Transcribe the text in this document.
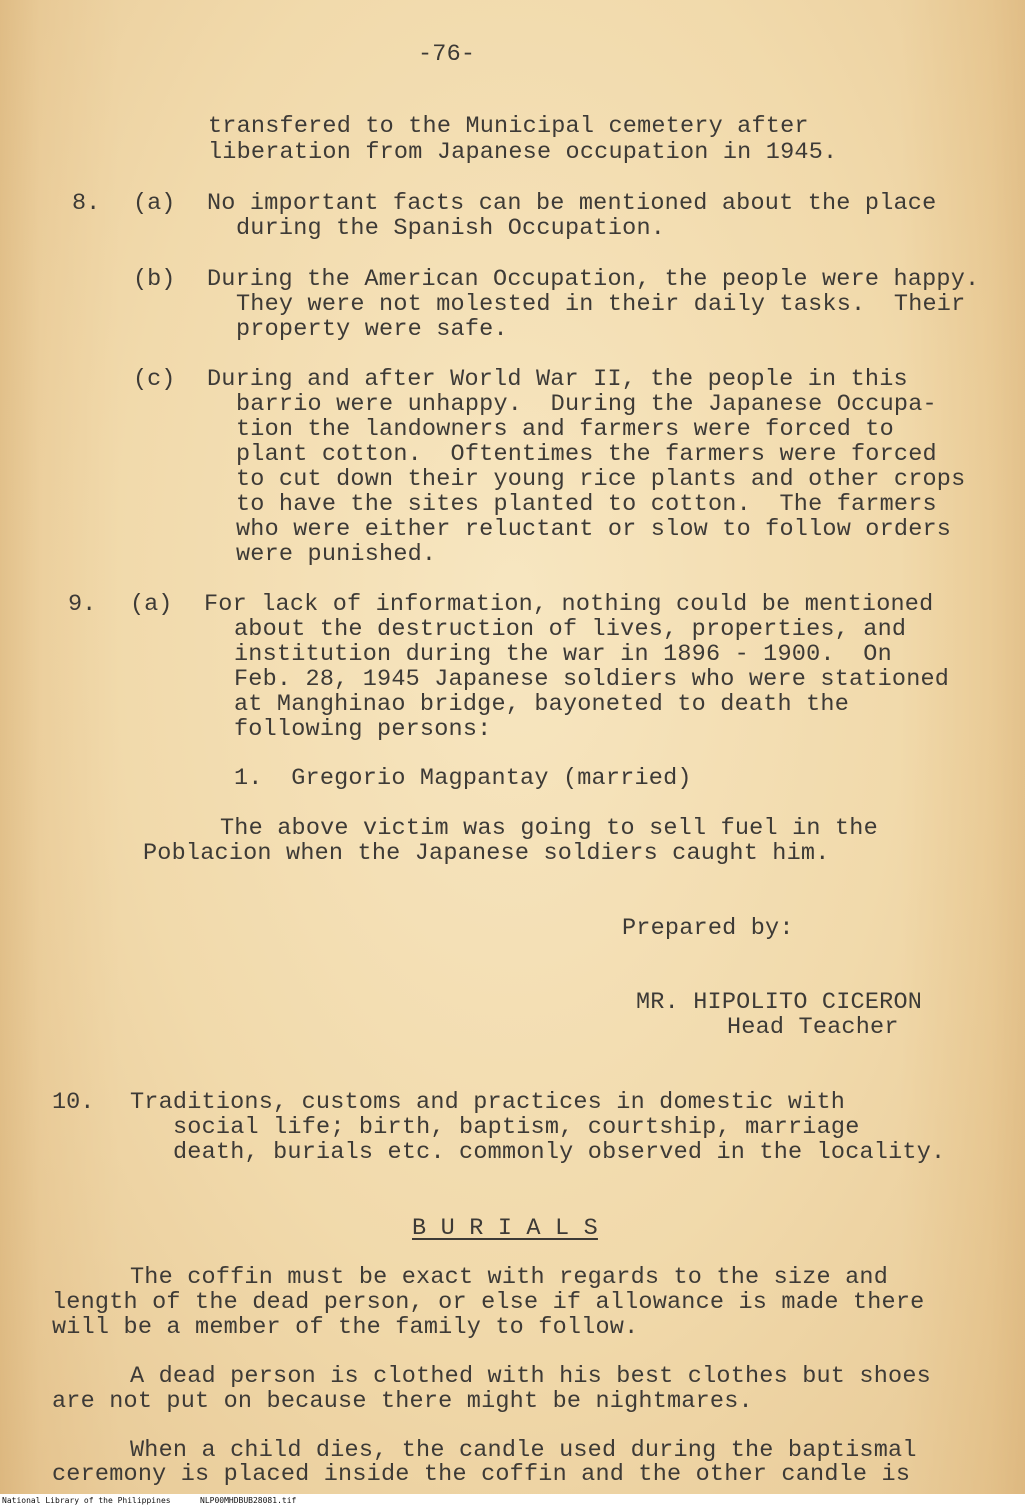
-76-
transfered to the Municipal cemetery after
liberation from Japanese occupation in 1945.
8. (a) No important facts can be mentioned about the place
during the Spanish Occupation.
(b) During the American Occupation, the people were happy.
They were not molested in their daily tasks.  Their
property were safe.
(c) During and after World War II, the people in this
barrio were unhappy.  During the Japanese Occupa-
tion the landowners and farmers were forced to
plant cotton.  Oftentimes the farmers were forced
to cut down their young rice plants and other crops
to have the sites planted to cotton.  The farmers
who were either reluctant or slow to follow orders
were punished.
9. (a) For lack of information, nothing could be mentioned
about the destruction of lives, properties, and
institution during the war in 1896 - 1900.  On
Feb. 28, 1945 Japanese soldiers who were stationed
at Manghinao bridge, bayoneted to death the
following persons:
1.  Gregorio Magpantay (married)
The above victim was going to sell fuel in the
Poblacion when the Japanese soldiers caught him.
Prepared by:
MR. HIPOLITO CICERON
Head Teacher
10. Traditions, customs and practices in domestic with
social life; birth, baptism, courtship, marriage
death, burials etc. commonly observed in the locality.
B U R I A L S
The coffin must be exact with regards to the size and
length of the dead person, or else if allowance is made there
will be a member of the family to follow.
A dead person is clothed with his best clothes but shoes
are not put on because there might be nightmares.
When a child dies, the candle used during the baptismal
ceremony is placed inside the coffin and the other candle is
National Library of the Philippines	NLP00MHDBUB28081.tif
